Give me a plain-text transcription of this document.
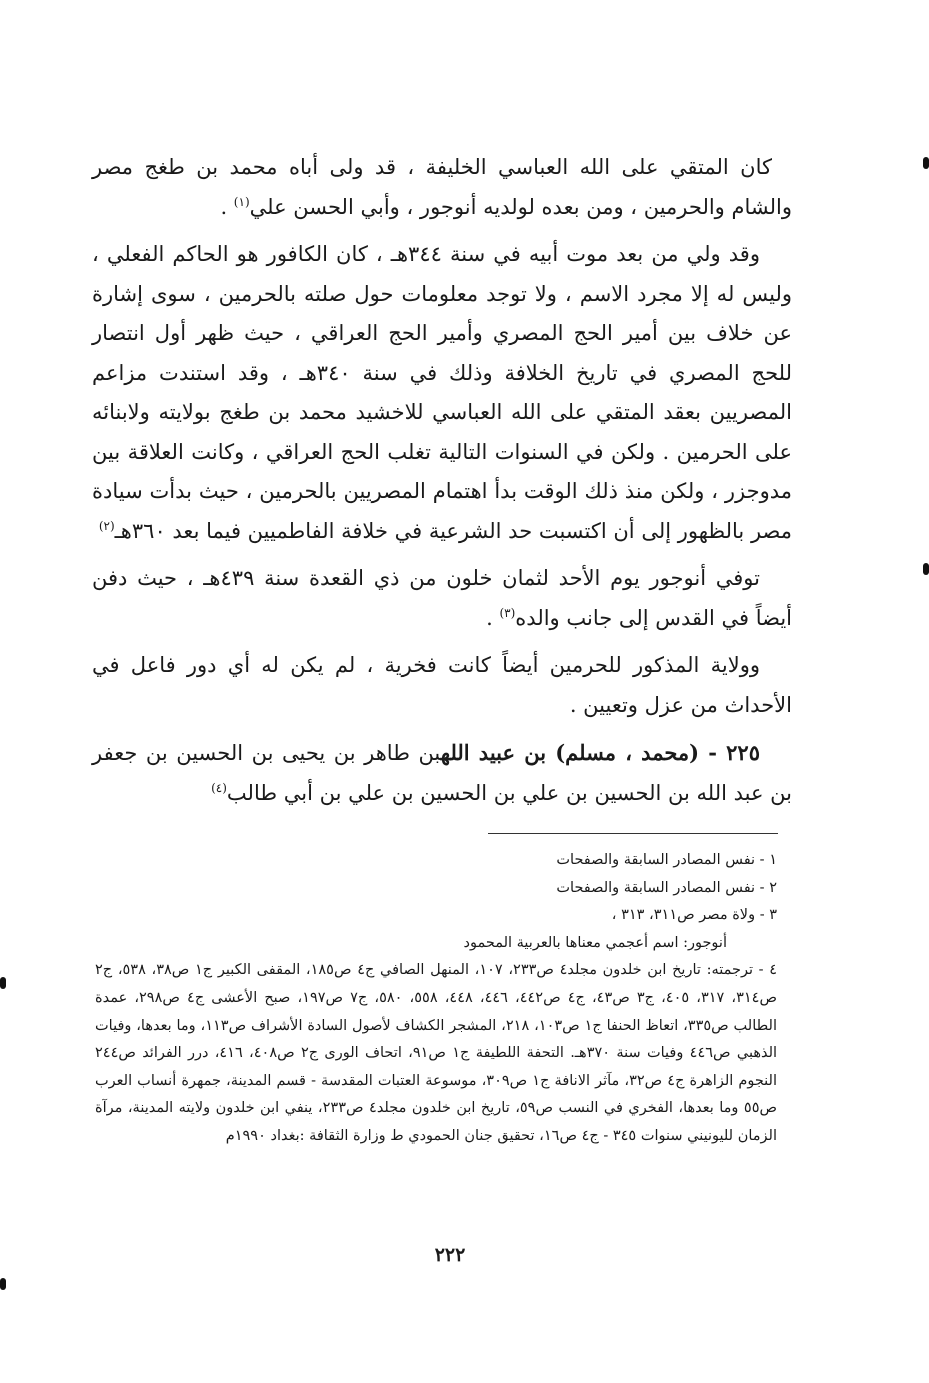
كان المتقي على الله العباسي الخليفة ، قد ولى أباه محمد بن طغج مصر والشام والحرمين ، ومن بعده لولديه أنوجور ، وأبي الحسن علي$^{(١)}$ .

وقد ولي من بعد موت أبيه في سنة ٣٤٤هـ ، كان الكافور هو الحاكم الفعلي ، وليس له إلا مجرد الاسم ، ولا توجد معلومات حول صلته بالحرمين ، سوى إشارة عن خلاف بين أمير الحج المصري وأمير الحج العراقي ، حيث ظهر أول انتصار للحج المصري في تاريخ الخلافة وذلك في سنة ٣٤٠هـ ، وقد استندت مزاعم المصريين بعقد المتقي على الله العباسي للاخشيد محمد بن طغج بولايته ولابنائه على الحرمين . ولكن في السنوات التالية تغلب الحج العراقي ، وكانت العلاقة بين مدوجزر ، ولكن منذ ذلك الوقت بدأ اهتمام المصريين بالحرمين ، حيث بدأت سيادة مصر بالظهور إلى أن اكتسبت حد الشرعية في خلافة الفاطميين فيما بعد ٣٦٠هـ$^{(٢)}$

توفي أنوجور يوم الأحد لثمان خلون من ذي القعدة سنة ٤٣٩هـ ، حيث دفن أيضاً في القدس إلى جانب والده$^{(٣)}$ .

وولاية المذكور للحرمين أيضاً كانت فخرية ، لم يكن له أي دور فاعل في الأحداث من عزل وتعيين .

٢٢٥ - (محمد ، مسلم) بن عبيد اللهبن طاهر بن يحيى بن الحسين بن جعفر بن عبد الله بن الحسين بن علي بن الحسين بن علي بن أبي طالب$^{(٤)}$

١ - نفس المصادر السابقة والصفحات

٢ - نفس المصادر السابقة والصفحات

٣ - ولاة مصر ص٣١١، ٣١٣ ،

أنوجور: اسم أعجمي معناها بالعربية المحمود

٤ - ترجمته: تاريخ ابن خلدون مجلد٤ ص٢٣٣، ١٠٧، المنهل الصافي ج٤ ص١٨٥، المقفى الكبير ج١ ص٣٨، ٥٣٨، ج٢ ص٣١٤، ٣١٧، ٤٠٥، ج٣ ص٤٣، ج٤ ص٤٤٢، ٤٤٦، ٤٤٨، ٥٥٨، ٥٨٠، ج٧ ص١٩٧، صبح الأعشى ج٤ ص٢٩٨، عمدة الطالب ص٣٣٥، اتعاظ الحنفا ج١ ص١٠٣، ٢١٨، المشجر الكشاف لأصول السادة الأشراف ص١١٣، وما بعدها، وفيات الذهبي ص٤٤٦ وفيات سنة ٣٧٠هـ. التحفة اللطيفة ج١ ص٩١، اتحاف الورى ج٢ ص٤٠٨، ٤١٦، درر الفرائد ص٢٤٤ النجوم الزاهرة ج٤ ص٣٢، مآثر الانافة ج١ ص٣٠٩، موسوعة العتبات المقدسة - قسم المدينة، جمهرة أنساب العرب ص٥٥ وما بعدها، الفخري في النسب ص٥٩، تاريخ ابن خلدون مجلد٤ ص٢٣٣، ينفي ابن خلدون ولايته المدينة، مرآة الزمان لليونيني سنوات ٣٤٥ - ج٤ ص١٦، تحقيق جنان الحمودي ط وزارة الثقافة :بغداد ١٩٩٠م

٢٢٢
